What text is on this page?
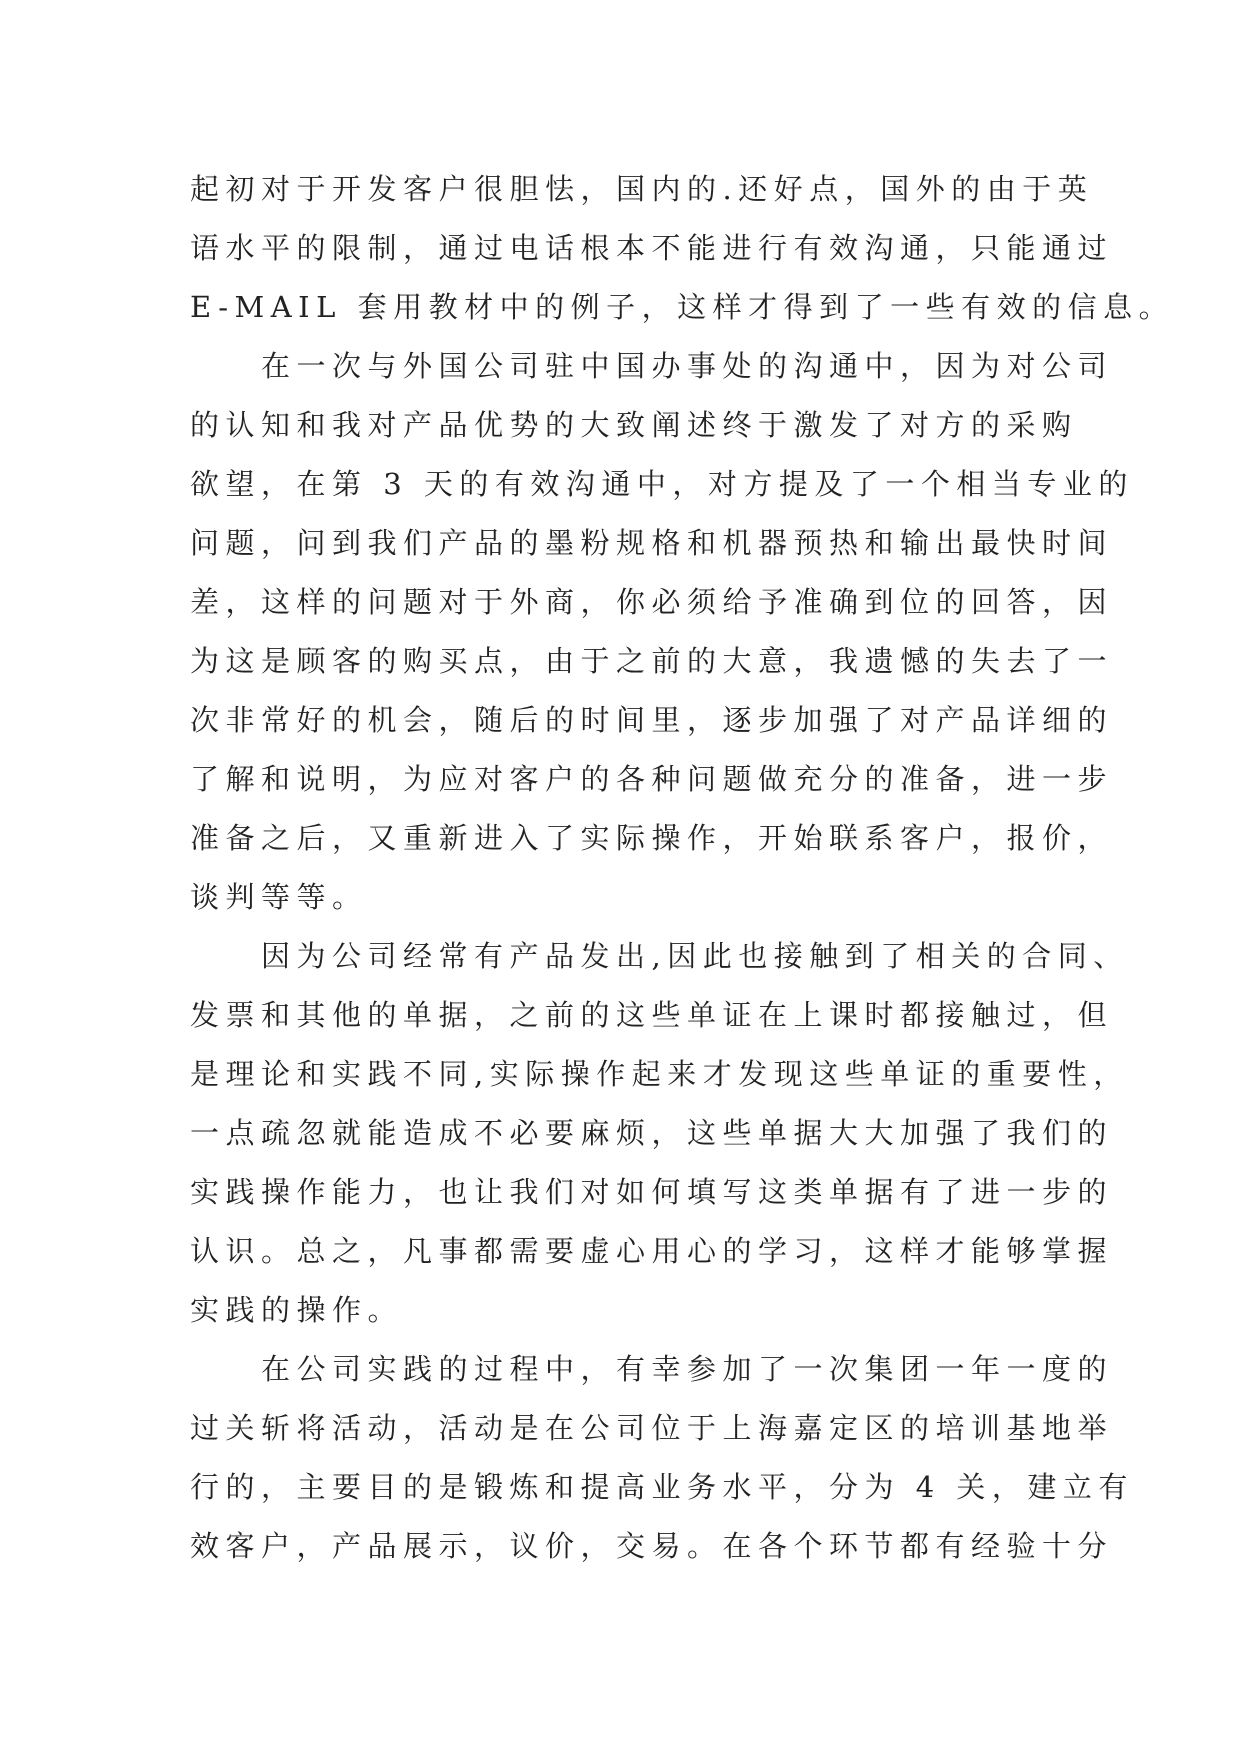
起初对于开发客户很胆怯，国内的.还好点，国外的由于英
语水平的限制，通过电话根本不能进行有效沟通，只能通过
E-MAIL 套用教材中的例子，这样才得到了一些有效的信息。
　　在一次与外国公司驻中国办事处的沟通中，因为对公司
的认知和我对产品优势的大致阐述终于激发了对方的采购
欲望，在第 3 天的有效沟通中，对方提及了一个相当专业的
问题，问到我们产品的墨粉规格和机器预热和输出最快时间
差，这样的问题对于外商，你必须给予准确到位的回答，因
为这是顾客的购买点，由于之前的大意，我遗憾的失去了一
次非常好的机会，随后的时间里，逐步加强了对产品详细的
了解和说明，为应对客户的各种问题做充分的准备，进一步
准备之后，又重新进入了实际操作，开始联系客户，报价，
谈判等等。
　　因为公司经常有产品发出,因此也接触到了相关的合同、
发票和其他的单据，之前的这些单证在上课时都接触过，但
是理论和实践不同,实际操作起来才发现这些单证的重要性，
一点疏忽就能造成不必要麻烦，这些单据大大加强了我们的
实践操作能力，也让我们对如何填写这类单据有了进一步的
认识。总之，凡事都需要虚心用心的学习，这样才能够掌握
实践的操作。
　　在公司实践的过程中，有幸参加了一次集团一年一度的
过关斩将活动，活动是在公司位于上海嘉定区的培训基地举
行的，主要目的是锻炼和提高业务水平，分为 4 关，建立有
效客户，产品展示，议价，交易。在各个环节都有经验十分
